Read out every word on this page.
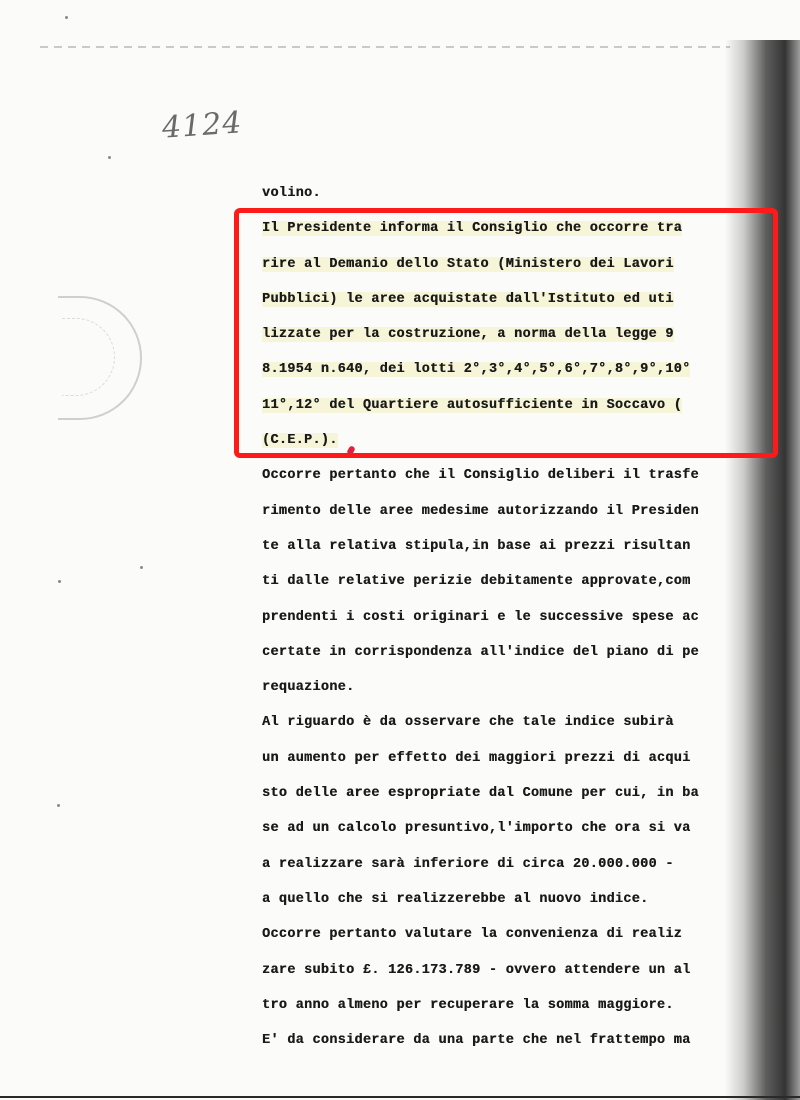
4124
volino.
Il Presidente informa il Consiglio che occorre tra
rire al Demanio dello Stato (Ministero dei Lavori
Pubblici) le aree acquistate dall'Istituto ed uti
lizzate per la costruzione, a norma della legge 9
8.1954 n.640, dei lotti 2°,3°,4°,5°,6°,7°,8°,9°,10°
11°,12° del Quartiere autosufficiente in Soccavo (
(C.E.P.).
Occorre pertanto che il Consiglio deliberi il trasfe
rimento delle aree medesime autorizzando il Presiden
te alla relativa stipula,in base ai prezzi risultan
ti dalle relative perizie debitamente approvate,com
prendenti i costi originari e le successive spese ac
certate in corrispondenza all'indice del piano di pe
requazione.
Al riguardo è da osservare che tale indice subirà
un aumento per effetto dei maggiori prezzi di acqui
sto delle aree espropriate dal Comune per cui, in ba
se ad un calcolo presuntivo,l'importo che ora si va
a realizzare sarà inferiore di circa 20.000.000 -
a quello che si realizzerebbe al nuovo indice.
Occorre pertanto valutare la convenienza di realiz
zare subito £. 126.173.789 - ovvero attendere un al
tro anno almeno per recuperare la somma maggiore.
E' da considerare da una parte che nel frattempo ma
